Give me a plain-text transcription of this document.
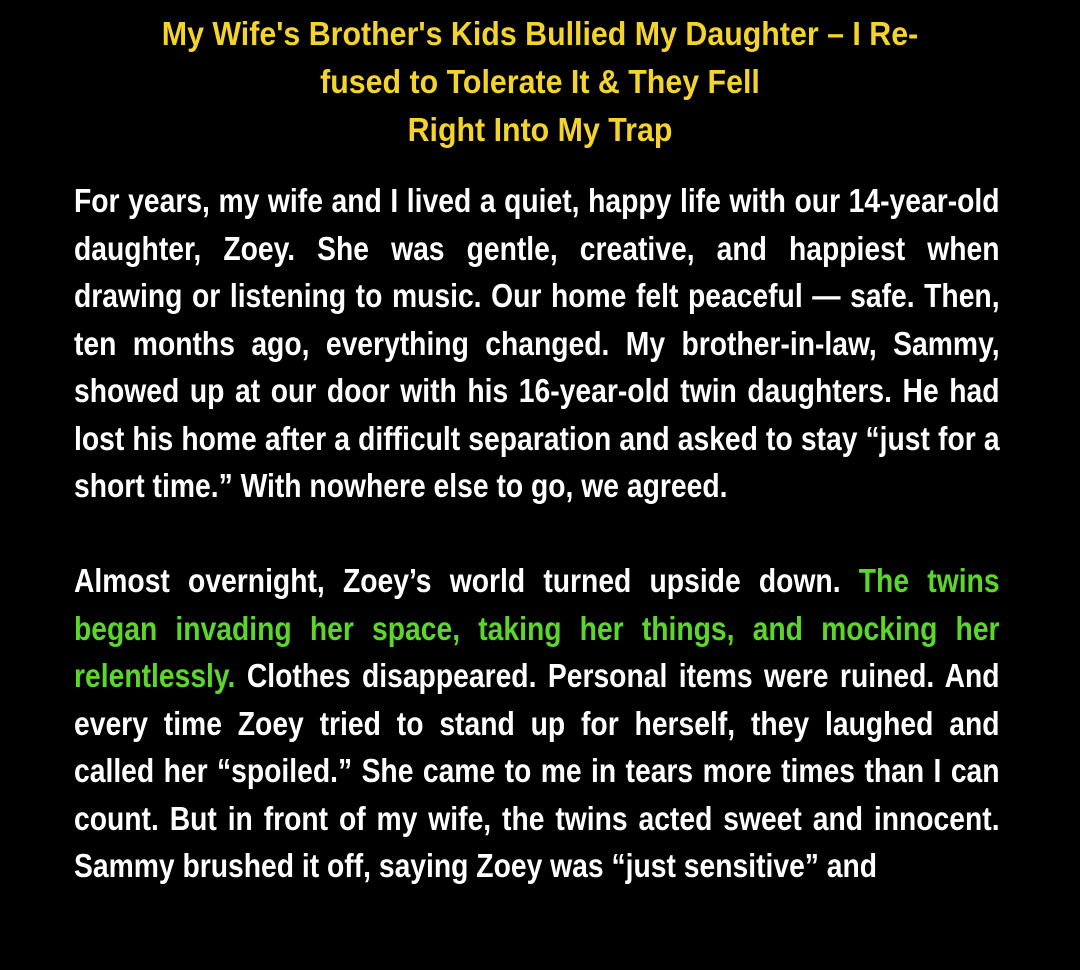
My Wife's Brother's Kids Bullied My Daughter – I Re-
fused to Tolerate It & They Fell
Right Into My Trap

For years, my wife and I lived a quiet, happy life with our 14-year-old daughter, Zoey. She was gentle, creative, and happiest when drawing or listening to music. Our home felt peaceful — safe. Then, ten months ago, everything changed. My brother-in-law, Sammy, showed up at our door with his 16-year-old twin daughters. He had lost his home after a difficult separation and asked to stay “just for a short time.” With nowhere else to go, we agreed.

Almost overnight, Zoey’s world turned upside down. The twins began invading her space, taking her things, and mocking her relentlessly. Clothes disappeared. Personal items were ruined. And every time Zoey tried to stand up for herself, they laughed and called her “spoiled.” She came to me in tears more times than I can count. But in front of my wife, the twins acted sweet and innocent. Sammy brushed it off, saying Zoey was “just sensitive” and
